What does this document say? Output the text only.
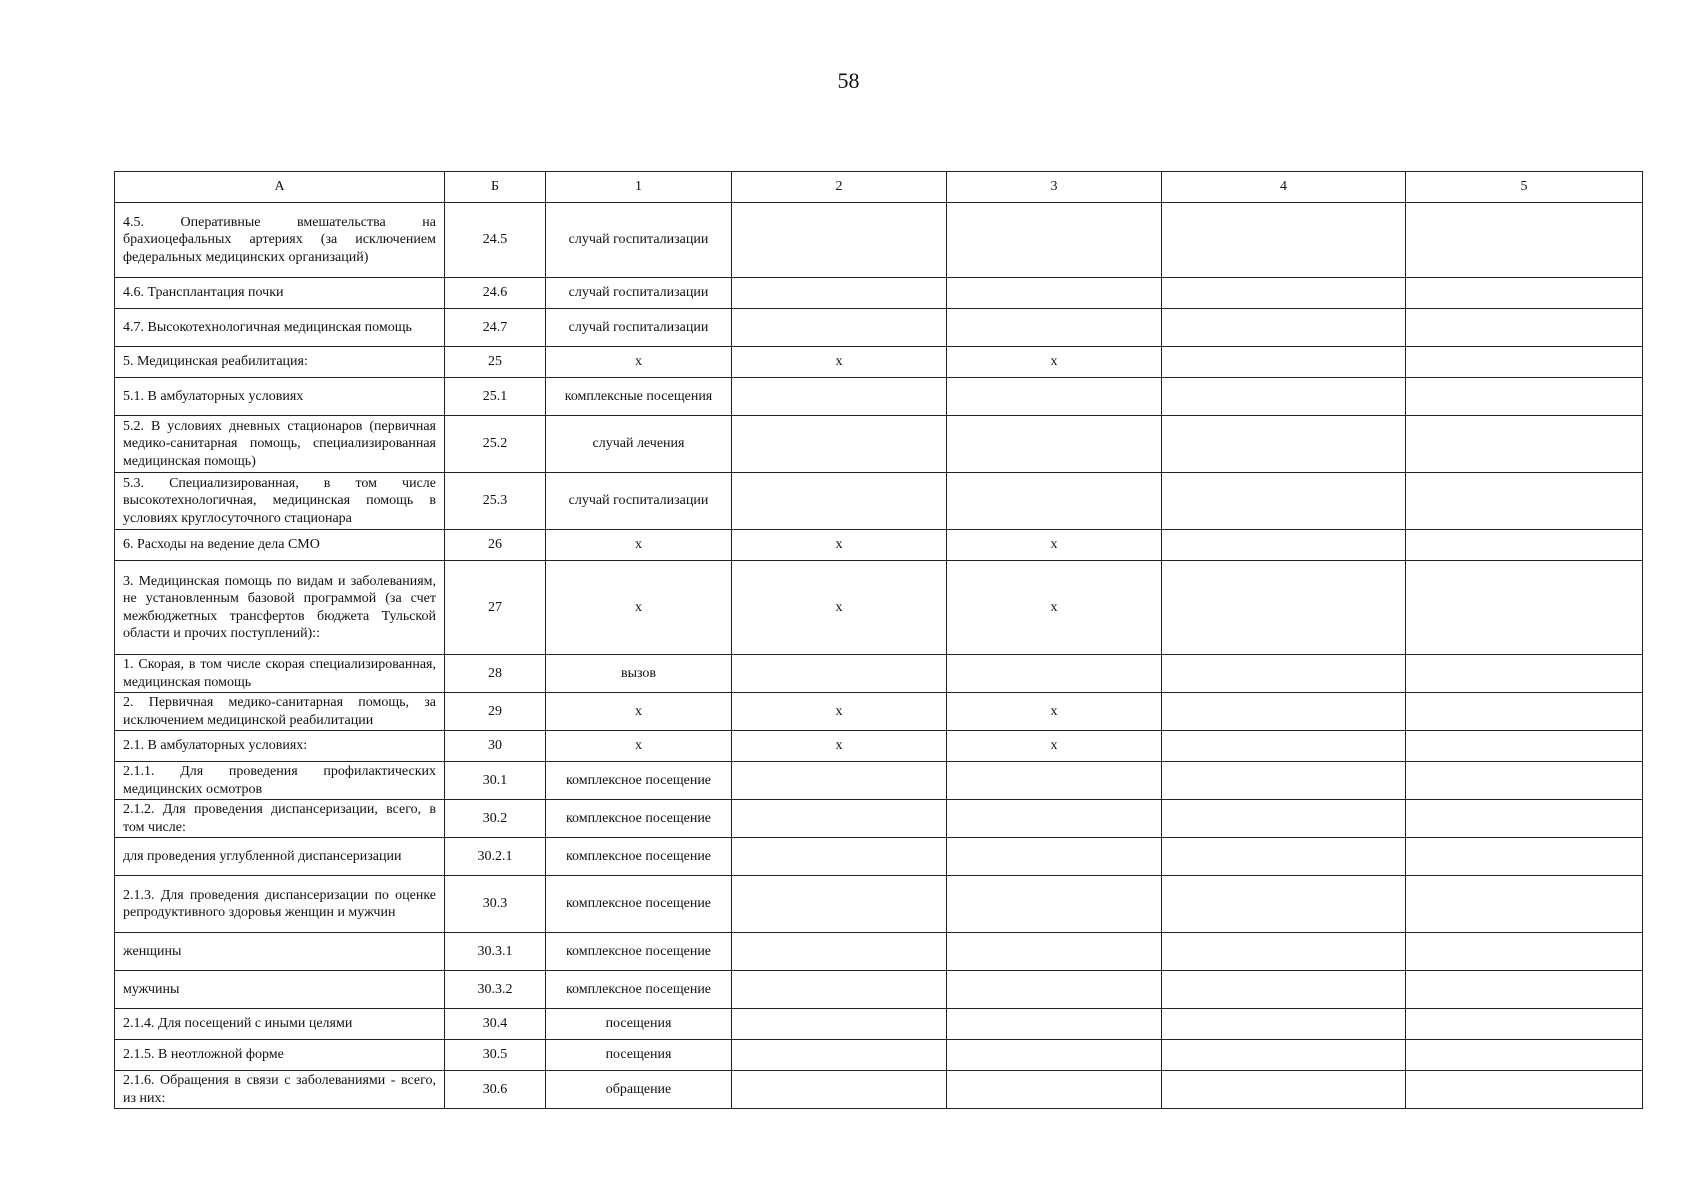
58
А	Б	1	2	3	4	5
4.5. Оперативные вмешательства на брахиоцефальных артериях (за исключением федеральных медицинских организаций)	24.5	случай госпитализации				
4.6. Трансплантация почки	24.6	случай госпитализации				
4.7. Высокотехнологичная медицинская помощь	24.7	случай госпитализации				
5. Медицинская реабилитация:	25	х	х	х		
5.1. В амбулаторных условиях	25.1	комплексные посещения				
5.2. В условиях дневных стационаров (первичная медико-санитарная помощь, специализированная медицинская помощь)	25.2	случай лечения				
5.3. Специализированная, в том числе высокотехнологичная, медицинская помощь в условиях круглосуточного стационара	25.3	случай госпитализации				
6. Расходы на ведение дела СМО	26	х	х	х		
3. Медицинская помощь по видам и заболеваниям, не установленным базовой программой (за счет межбюджетных трансфертов бюджета Тульской области и прочих поступлений)::	27	х	х	х		
1. Скорая, в том числе скорая специализированная, медицинская помощь	28	вызов				
2. Первичная медико-санитарная помощь, за исключением медицинской реабилитации	29	х	х	х		
2.1. В амбулаторных условиях:	30	х	х	х		
2.1.1. Для проведения профилактических медицинских осмотров	30.1	комплексное посещение				
2.1.2. Для проведения диспансеризации, всего, в том числе:	30.2	комплексное посещение				
для проведения углубленной диспансеризации	30.2.1	комплексное посещение				
2.1.3. Для проведения диспансеризации по оценке репродуктивного здоровья женщин и мужчин	30.3	комплексное посещение				
женщины	30.3.1	комплексное посещение				
мужчины	30.3.2	комплексное посещение				
2.1.4. Для посещений с иными целями	30.4	посещения				
2.1.5. В неотложной форме	30.5	посещения				
2.1.6. Обращения в связи с заболеваниями - всего, из них:	30.6	обращение				
